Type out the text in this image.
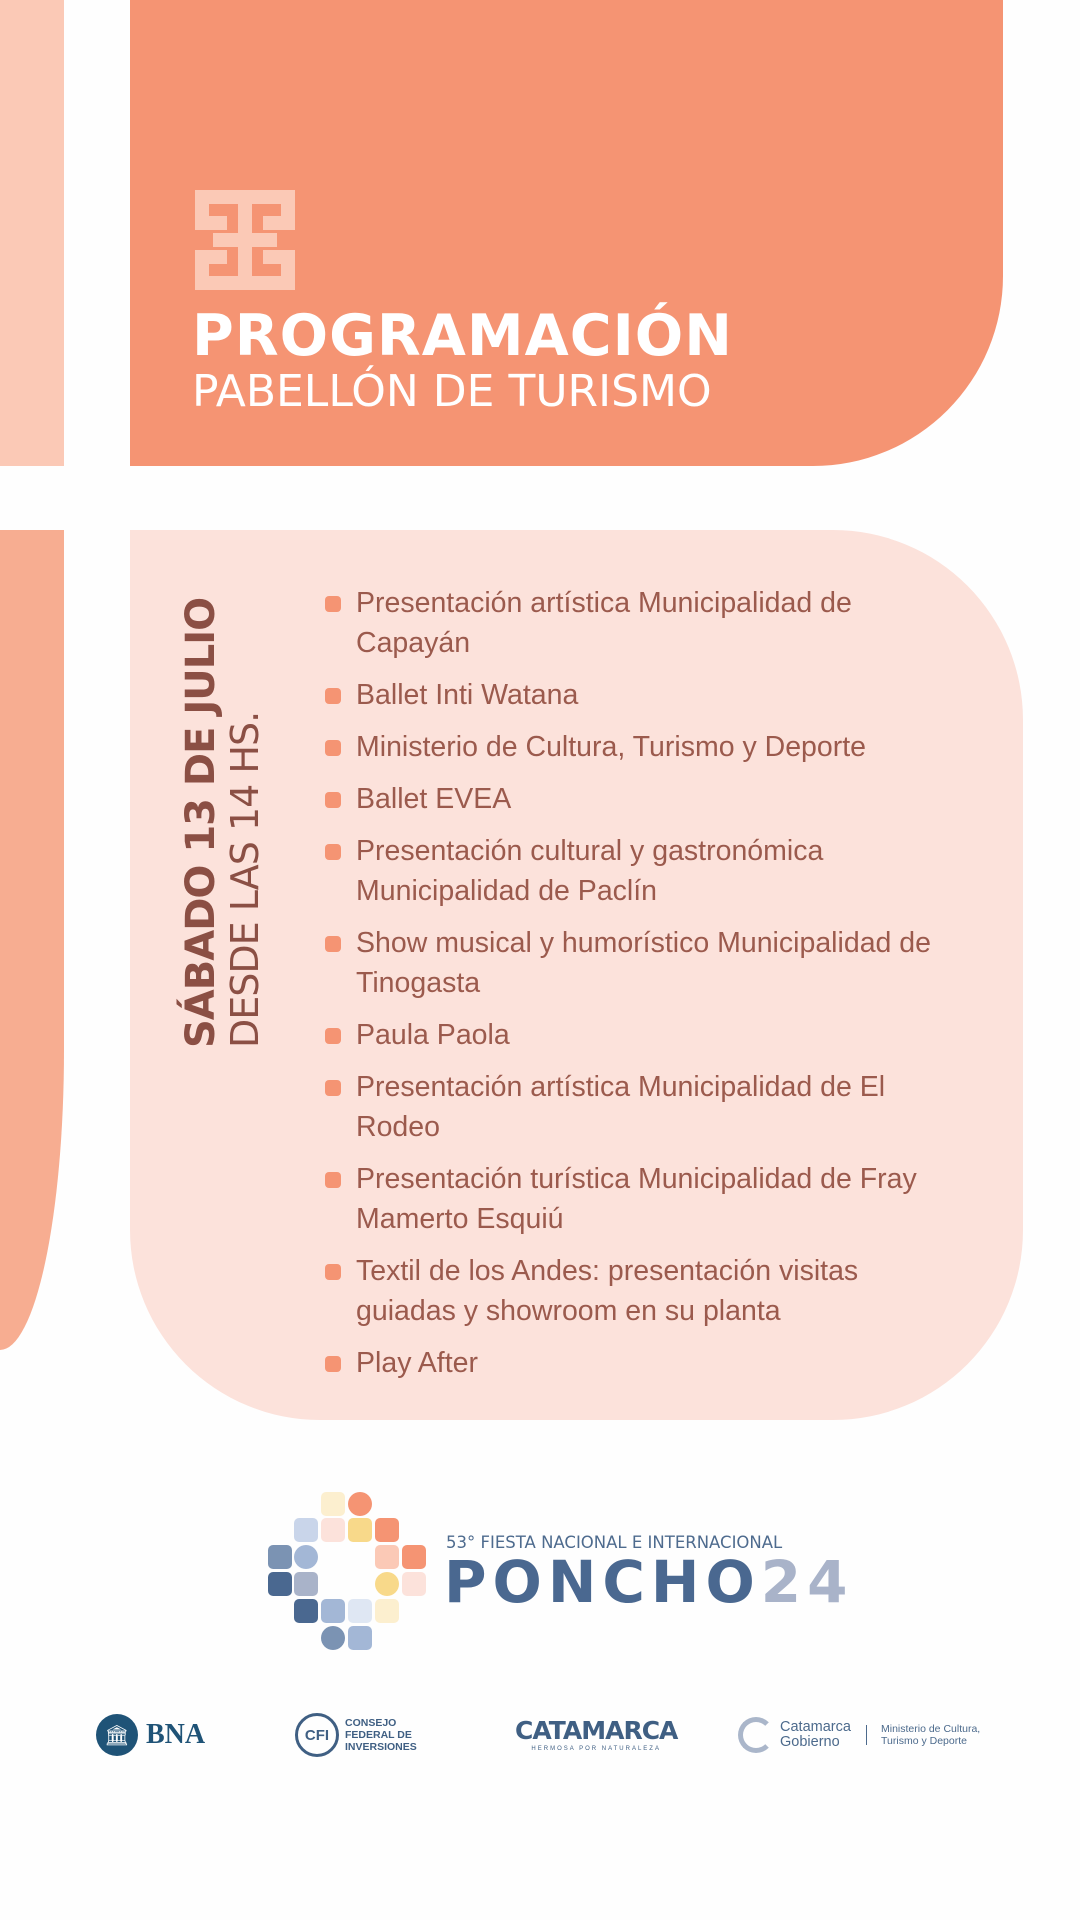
PROGRAMACIÓN
PABELLÓN DE TURISMO
SÁBADO 13 DE JULIO DESDE LAS 14 HS.
Presentación artística Municipalidad de Capayán
Ballet Inti Watana
Ministerio de Cultura, Turismo y Deporte
Ballet EVEA
Presentación cultural y gastronómica Municipalidad de Paclín
Show musical y humorístico Municipalidad de Tinogasta
Paula Paola
Presentación artística Municipalidad de El Rodeo
Presentación turística Municipalidad de Fray Mamerto Esquiú
Textil de los Andes: presentación visitas guiadas y showroom en su planta
Play After
53° FIESTA NACIONAL E INTERNACIONAL
PONCHO24
🏛 BNA	CFI
CONSEJO FEDERAL DE INVERSIONES
CATAMARCA
HERMOSA POR NATURALEZA
Catamarca Gobierno
Ministerio de Cultura, Turismo y Deporte
